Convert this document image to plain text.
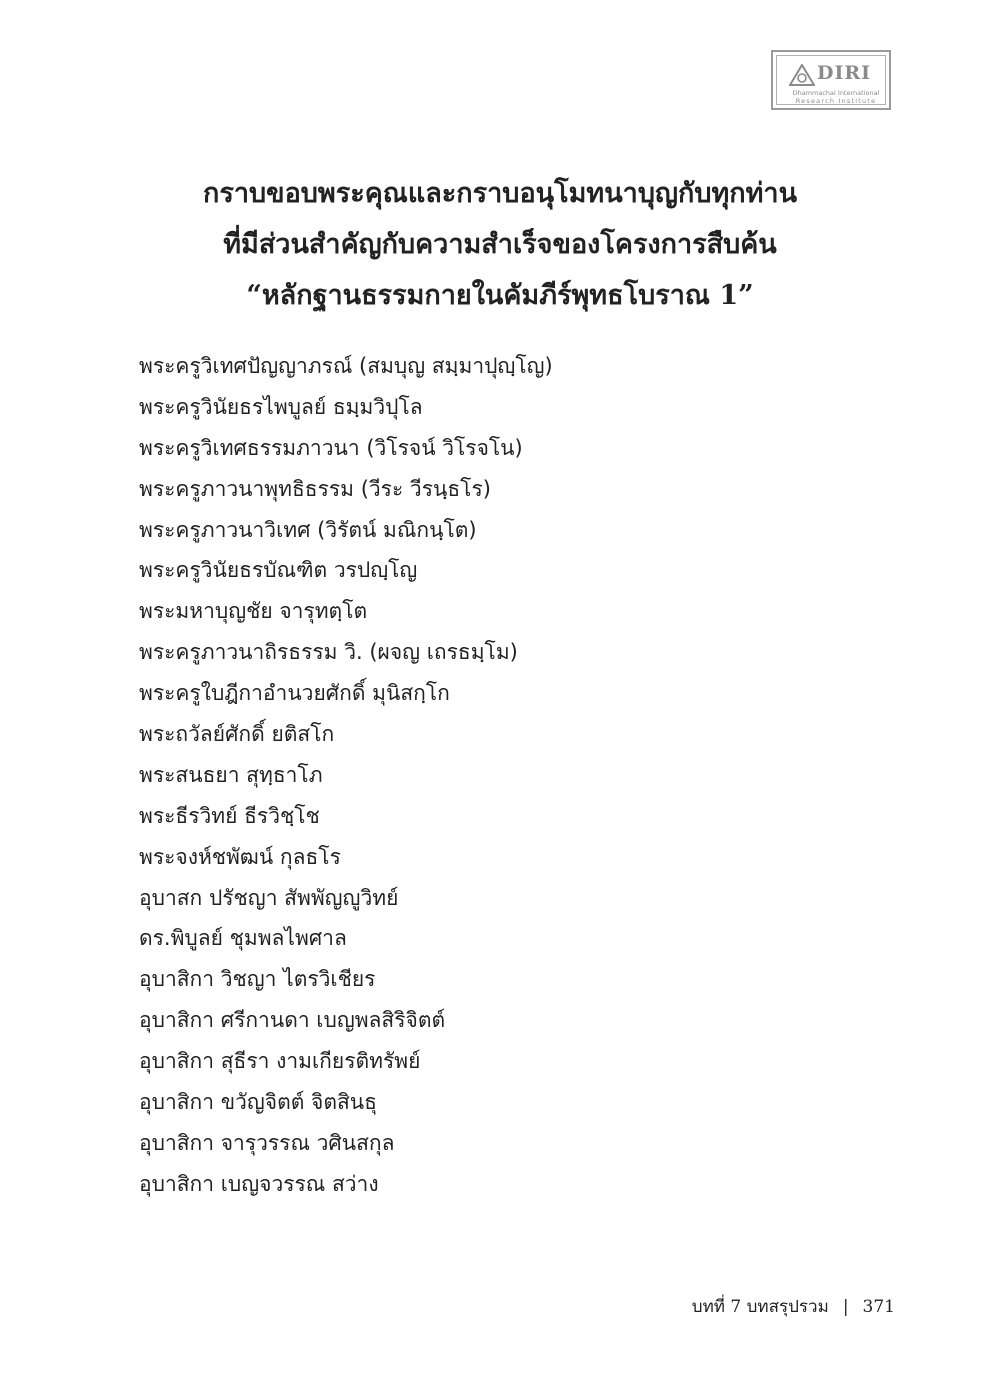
DIRI
Dhammachai International
Research Institute
กราบขอบพระคุณและกราบอนุโมทนาบุญกับทุกท่าน
ที่มีส่วนสำคัญกับความสำเร็จของโครงการสืบค้น
“หลักฐานธรรมกายในคัมภีร์พุทธโบราณ 1”
พระครูวิเทศปัญญาภรณ์ (สมบุญ สมฺมาปุญฺโญ)
พระครูวินัยธรไพบูลย์ ธมฺมวิปุโล
พระครูวิเทศธรรมภาวนา (วิโรจน์ วิโรจโน)
พระครูภาวนาพุทธิธรรม (วีระ วีรนฺธโร)
พระครูภาวนาวิเทศ (วิรัตน์ มณิกนฺโต)
พระครูวินัยธรบัณฑิต วรปญฺโญ
พระมหาบุญชัย จารุทตฺโต
พระครูภาวนาถิรธรรม วิ. (ผจญ เถรธมฺโม)
พระครูใบฎีกาอำนวยศักดิ์ มุนิสกฺโก
พระถวัลย์ศักดิ์ ยติสโก
พระสนธยา สุทฺธาโภ
พระธีรวิทย์ ธีรวิชฺโช
พระจงห์ชพัฒน์ กุลธโร
อุบาสก ปรัชญา สัพพัญญูวิทย์
ดร.พิบูลย์ ชุมพลไพศาล
อุบาสิกา วิชญา ไตรวิเชียร
อุบาสิกา ศรีกานดา เบญพลสิริจิตต์
อุบาสิกา สุธีรา งามเกียรติทรัพย์
อุบาสิกา ขวัญจิตต์ จิตสินธุ
อุบาสิกา จารุวรรณ วศินสกุล
อุบาสิกา เบญจวรรณ สว่าง
บทที่ 7 บทสรุปรวม | 371
